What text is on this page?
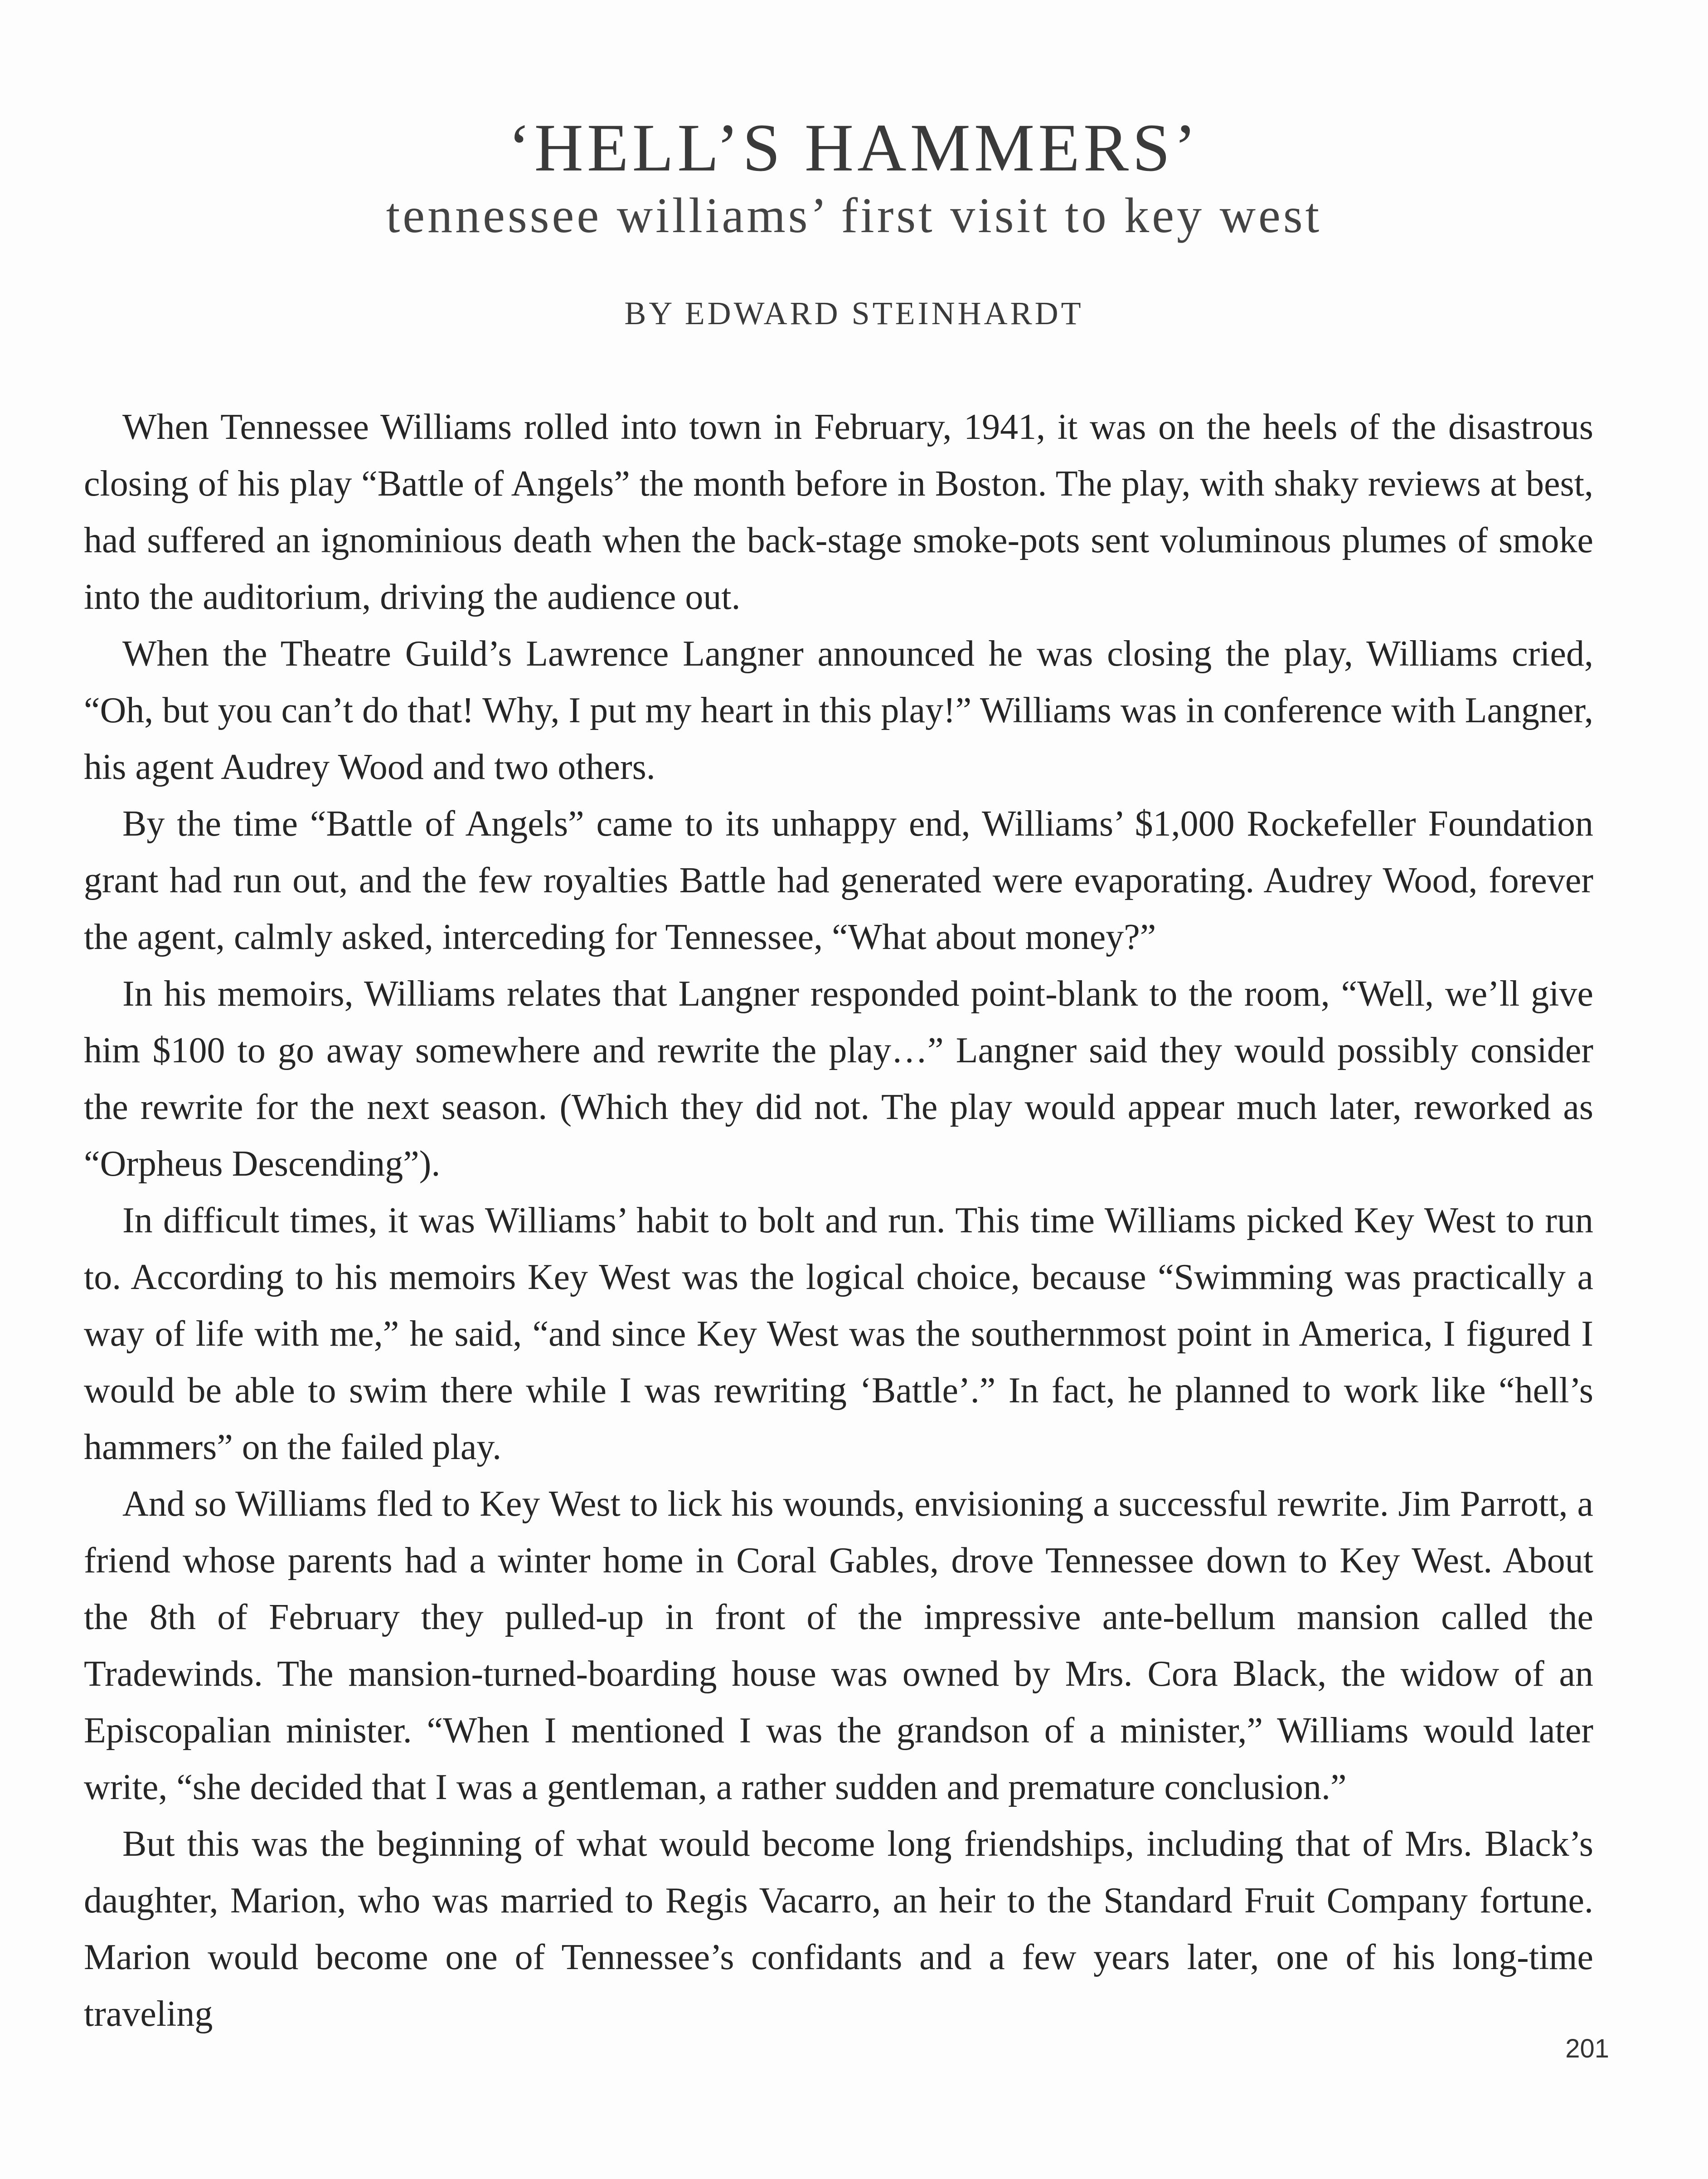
‘HELL’S HAMMERS’
tennessee williams’ first visit to key west
BY EDWARD STEINHARDT

When Tennessee Williams rolled into town in February, 1941, it was on the heels of the disastrous closing of his play “Battle of Angels” the month before in Boston. The play, with shaky reviews at best, had suffered an ignominious death when the back-stage smoke-pots sent voluminous plumes of smoke into the auditorium, driving the audience out.

When the Theatre Guild’s Lawrence Langner announced he was closing the play, Williams cried, “Oh, but you can’t do that! Why, I put my heart in this play!” Williams was in conference with Langner, his agent Audrey Wood and two others.

By the time “Battle of Angels” came to its unhappy end, Williams’ $1,000 Rockefeller Foundation grant had run out, and the few royalties Battle had generated were evaporating. Audrey Wood, forever the agent, calmly asked, interceding for Tennessee, “What about money?”

In his memoirs, Williams relates that Langner responded point-blank to the room, “Well, we’ll give him $100 to go away somewhere and rewrite the play…” Langner said they would possibly consider the rewrite for the next season. (Which they did not. The play would appear much later, reworked as “Orpheus Descending”).

In difficult times, it was Williams’ habit to bolt and run. This time Williams picked Key West to run to. According to his memoirs Key West was the logical choice, because “Swimming was practically a way of life with me,” he said, “and since Key West was the southernmost point in America, I figured I would be able to swim there while I was rewriting ‘Battle’.” In fact, he planned to work like “hell’s hammers” on the failed play.

And so Williams fled to Key West to lick his wounds, envisioning a successful rewrite. Jim Parrott, a friend whose parents had a winter home in Coral Gables, drove Tennessee down to Key West. About the 8th of February they pulled-up in front of the impressive ante-bellum mansion called the Tradewinds. The mansion-turned-boarding house was owned by Mrs. Cora Black, the widow of an Episcopalian minister. “When I mentioned I was the grandson of a minister,” Williams would later write, “she decided that I was a gentleman, a rather sudden and premature conclusion.”

But this was the beginning of what would become long friendships, including that of Mrs. Black’s daughter, Marion, who was married to Regis Vacarro, an heir to the Standard Fruit Company fortune. Marion would become one of Tennessee’s confidants and a few years later, one of his long-time traveling

201
